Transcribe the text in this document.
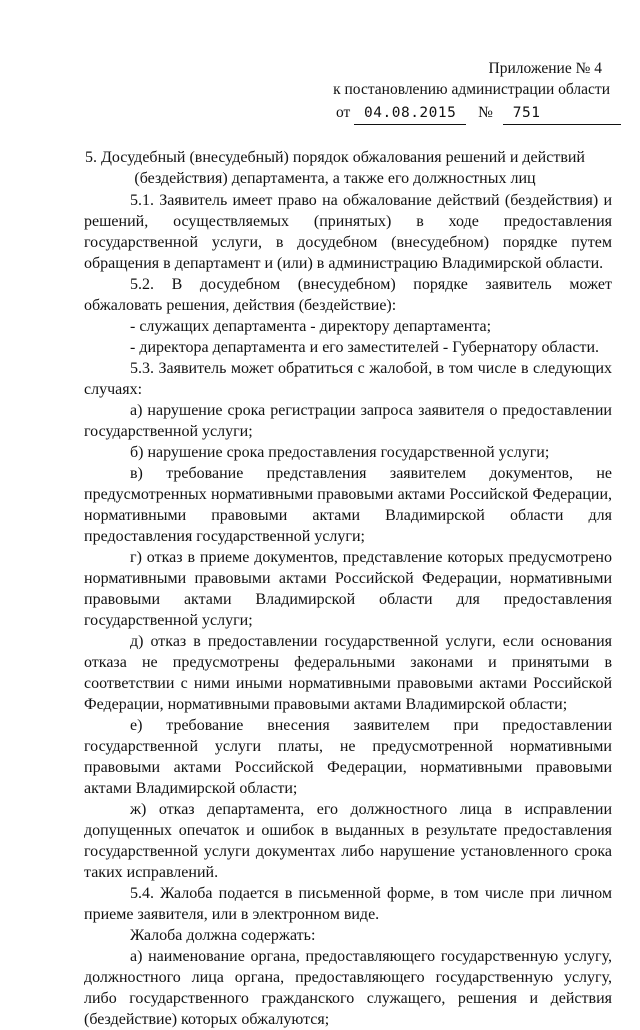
Приложение № 4
к постановлению администрации области
от 04.08.2015 № 751
5. Досудебный (внесудебный) порядок обжалования решений и действий
(бездействия) департамента, а также его должностных лиц

5.1. Заявитель имеет право на обжалование действий (бездействия) и решений, осуществляемых (принятых) в ходе предоставления государственной услуги, в досудебном (внесудебном) порядке путем обращения в департамент и (или) в администрацию Владимирской области.

5.2. В досудебном (внесудебном) порядке заявитель может обжаловать решения, действия (бездействие):

- служащих департамента - директору департамента;

- директора департамента и его заместителей - Губернатору области.

5.3. Заявитель может обратиться с жалобой, в том числе в следующих случаях:

а) нарушение срока регистрации запроса заявителя о предоставлении государственной услуги;

б) нарушение срока предоставления государственной услуги;

в) требование представления заявителем документов, не предусмотренных нормативными правовыми актами Российской Федерации, нормативными правовыми актами Владимирской области для предоставления государственной услуги;

г) отказ в приеме документов, представление которых предусмотрено нормативными правовыми актами Российской Федерации, нормативными правовыми актами Владимирской области для предоставления государственной услуги;

д) отказ в предоставлении государственной услуги, если основания отказа не предусмотрены федеральными законами и принятыми в соответствии с ними иными нормативными правовыми актами Российской Федерации, нормативными правовыми актами Владимирской области;

е) требование внесения заявителем при предоставлении государственной услуги платы, не предусмотренной нормативными правовыми актами Российской Федерации, нормативными правовыми актами Владимирской области;

ж) отказ департамента, его должностного лица в исправлении допущенных опечаток и ошибок в выданных в результате предоставления государственной услуги документах либо нарушение установленного срока таких исправлений.

5.4. Жалоба подается в письменной форме, в том числе при личном приеме заявителя, или в электронном виде.

Жалоба должна содержать:

а) наименование органа, предоставляющего государственную услугу, должностного лица органа, предоставляющего государственную услугу, либо государственного гражданского служащего, решения и действия (бездействие) которых обжалуются;
